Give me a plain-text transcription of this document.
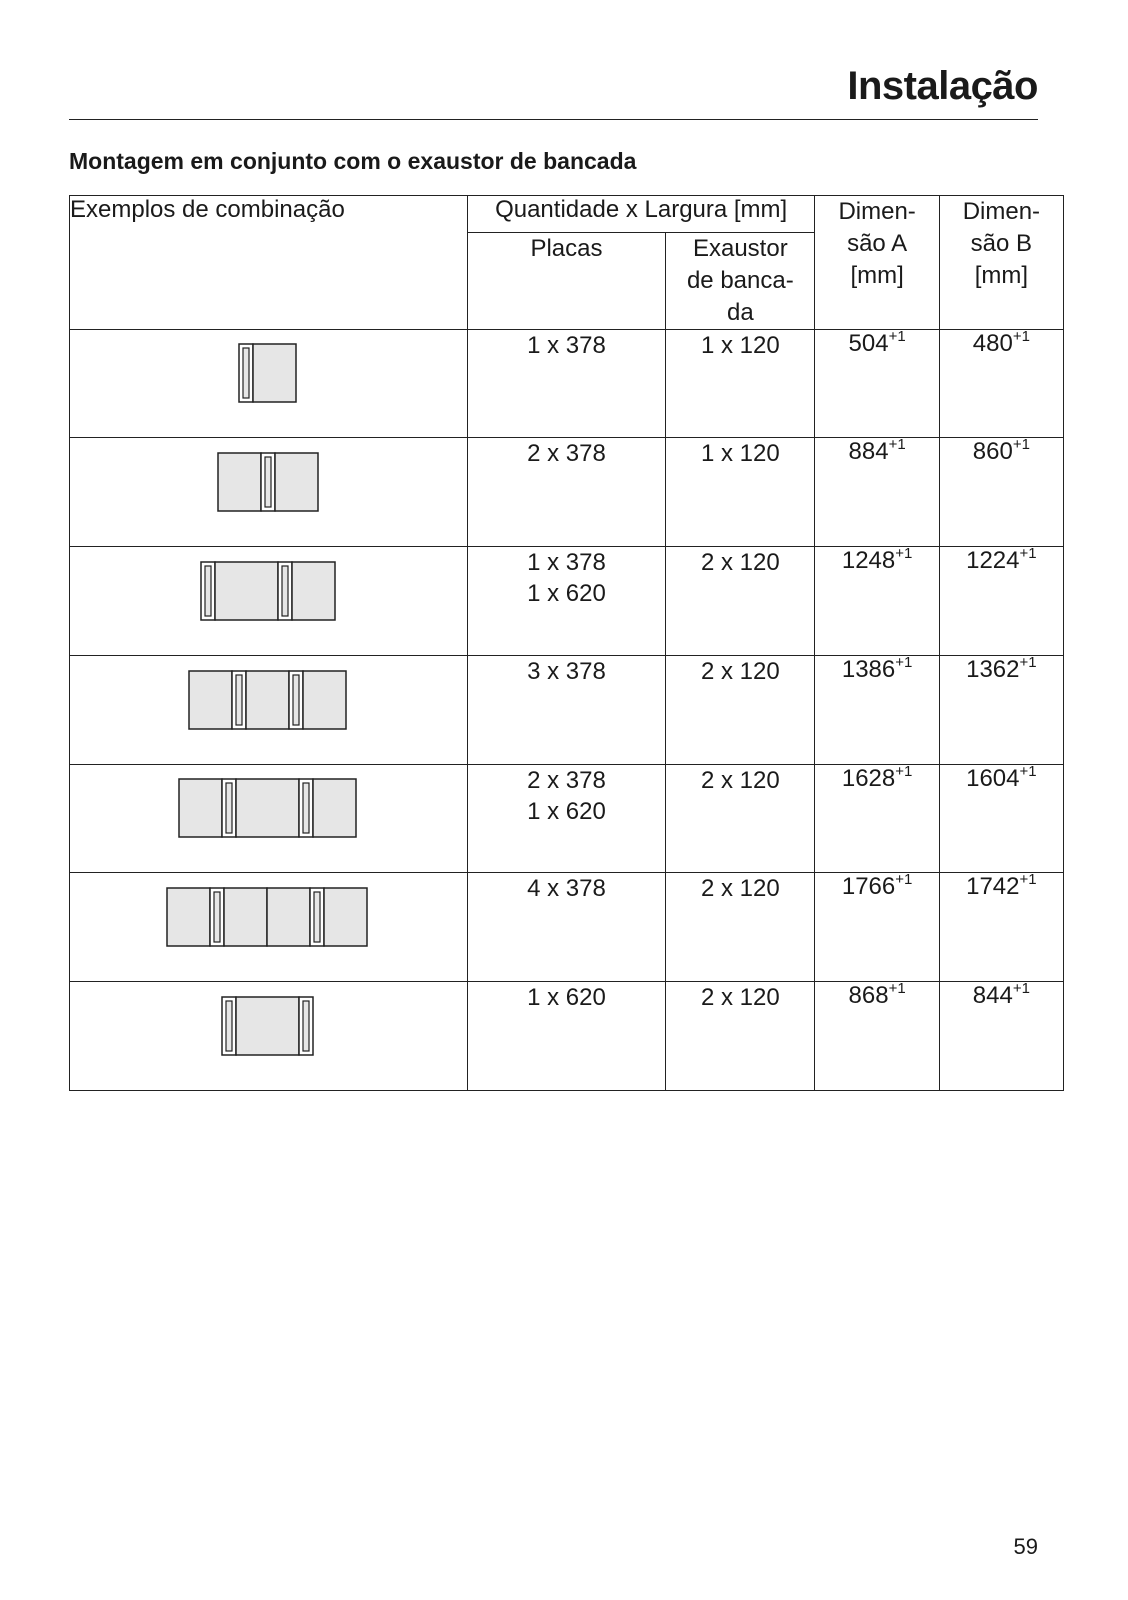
Instalação
Montagem em conjunto com o exaustor de bancada
Exemplos de combinação	Quantidade x Largura [mm]		Dimen-
são A
[mm]	Dimen-
são B
[mm]

	Placas	Exaustor
de banca-
da		

1 x 378	1 x 120	$504^{+1}$	$480^{+1}$

2 x 378	1 x 120	$884^{+1}$	$860^{+1}$

1 x 378
1 x 620	2 x 120	$1248^{+1}$	$1224^{+1}$

3 x 378	2 x 120	$1386^{+1}$	$1362^{+1}$

2 x 378
1 x 620	2 x 120	$1628^{+1}$	$1604^{+1}$

4 x 378	2 x 120	$1766^{+1}$	$1742^{+1}$

1 x 620	2 x 120	$868^{+1}$	$844^{+1}$
59
